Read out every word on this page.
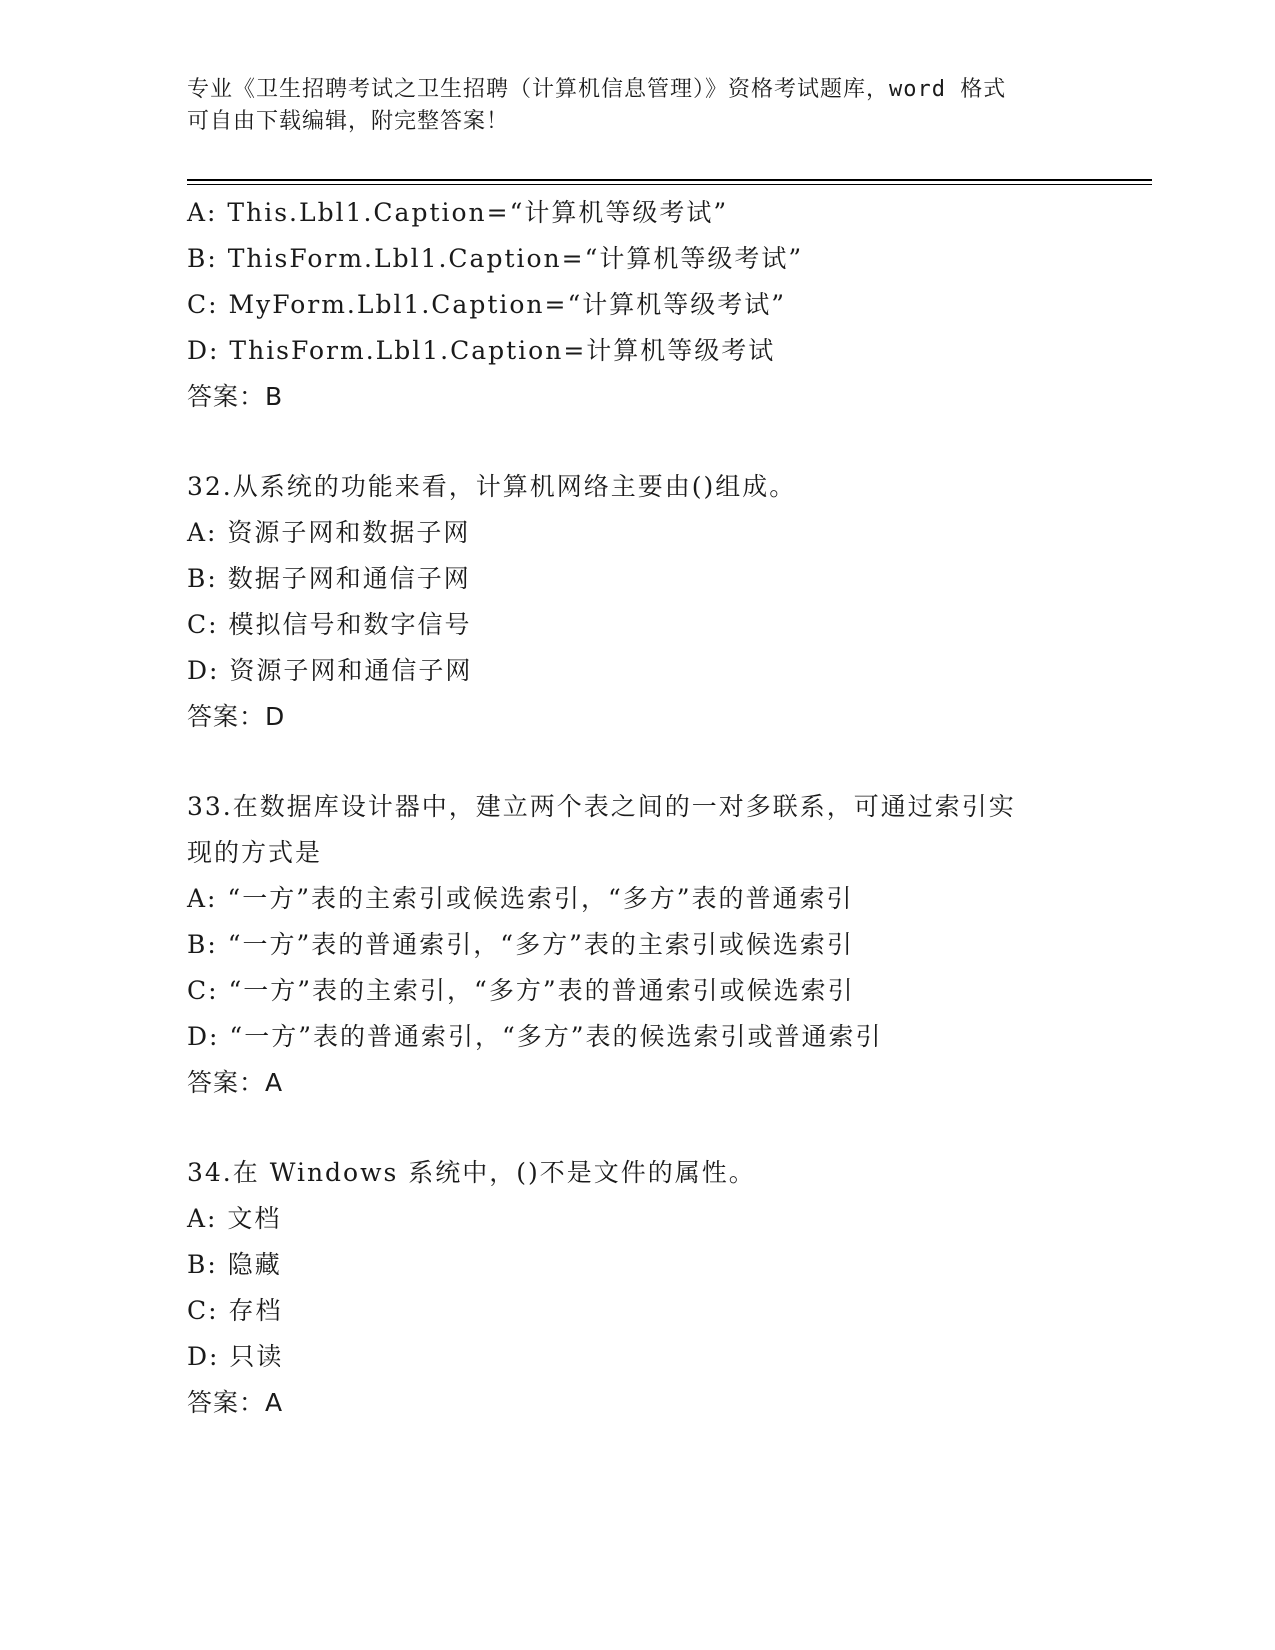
专业《卫生招聘考试之卫生招聘（计算机信息管理）》资格考试题库，word 格式
可自由下载编辑，附完整答案！
A: This.Lbl1.Caption=“计算机等级考试”
B: ThisForm.Lbl1.Caption=“计算机等级考试”
C: MyForm.Lbl1.Caption=“计算机等级考试”
D: ThisForm.Lbl1.Caption=计算机等级考试
答案：B
32.从系统的功能来看，计算机网络主要由()组成。
A: 资源子网和数据子网
B: 数据子网和通信子网
C: 模拟信号和数字信号
D: 资源子网和通信子网
答案：D
33.在数据库设计器中，建立两个表之间的一对多联系，可通过索引实
现的方式是
A: “一方”表的主索引或候选索引，“多方”表的普通索引
B: “一方”表的普通索引，“多方”表的主索引或候选索引
C: “一方”表的主索引，“多方”表的普通索引或候选索引
D: “一方”表的普通索引，“多方”表的候选索引或普通索引
答案：A
34.在 Windows 系统中，()不是文件的属性。
A: 文档
B: 隐藏
C: 存档
D: 只读
答案：A
